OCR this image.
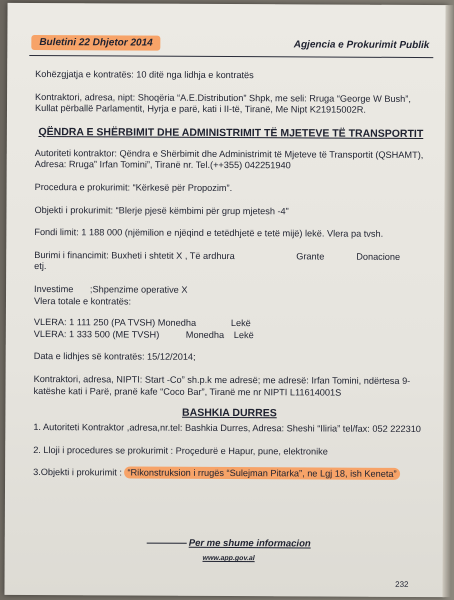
Buletini 22 Dhjetor 2014	Agjencia e Prokurimit Publik

Kohëzgjatja e kontratës: 10 ditë nga lidhja e kontratës

Kontraktori, adresa, nipt: Shoqëria “A.E.Distribution” Shpk, me seli: Rruga “George W Bush”, Kullat përballë Parlamentit, Hyrja e parë, kati i II-të, Tiranë, Me Nipt K21915002R.

QËNDRA E SHËRBIMIT DHE ADMINISTRIMIT TË MJETEVE TË TRANSPORTIT

Autoriteti kontraktor: Qëndra e Shërbimit dhe Administrimit të Mjeteve të Transportit (QSHAMT), Adresa: Rruga” Irfan Tomini”, Tiranë nr. Tel.(++355) 042251940

Procedura e prokurimit: “Kërkesë për Propozim”.

Objekti i prokurimit: “Blerje pjesë këmbimi për grup mjetesh -4”

Fondi limit: 1 188 000 (njëmilion e njëqind e tetëdhjetë e tetë mijë) lekë. Vlera pa tvsh.

Burimi i financimit: Buxheti i shtetit X , Të ardhura	Grante	Donacione

etj.

Investime ;Shpenzime operative X
Vlera totale e kontratës:

VLERA: 1 111 250 (PA TVSH) Monedha	Lekë

VLERA: 1 333 500 (ME TVSH)	Monedha Lekë

Data e lidhjes së kontratës: 15/12/2014;

Kontraktori, adresa, NIPTI: Start -Co” sh.p.k me adresë; me adresë: Irfan Tomini, ndërtesa 9-katëshe kati i Parë, pranë kafe “Coco Bar”, Tiranë me nr NIPTI L11614001S

BASHKIA DURRES

1. Autoriteti Kontraktor ,adresa,nr.tel: Bashkia Durres, Adresa: Sheshi “Iliria” tel/fax: 052 222310

2. Lloji i procedures se prokurimit : Proçedurë e Hapur, pune, elektronike

3.Objekti i prokurimit : “Rikonstruksion i rrugës “Sulejman Pitarka”, ne Lgj 18, ish Keneta”

Per me shume informacion
www.app.gov.al
232
